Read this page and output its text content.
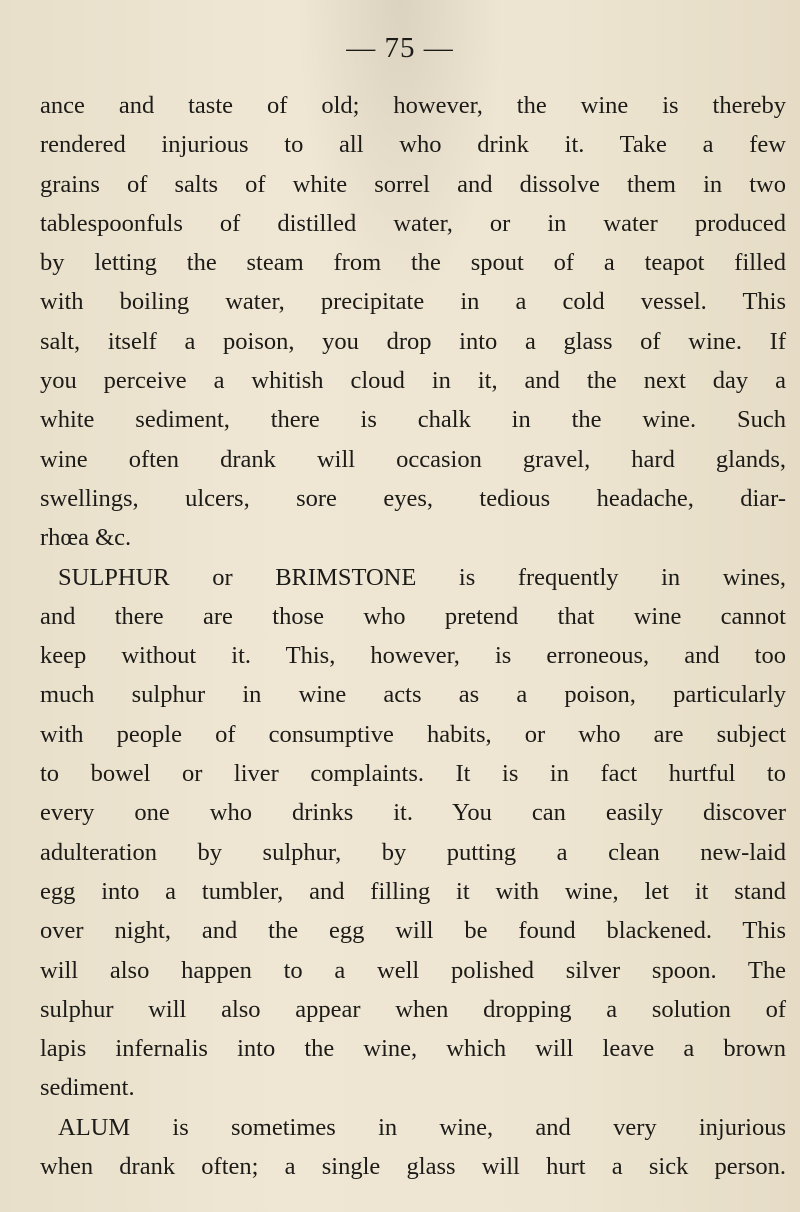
— 75 —
ance and taste of old; however, the wine is thereby
rendered injurious to all who drink it. Take a few
grains of salts of white sorrel and dissolve them in two
tablespoonfuls of distilled water, or in water produced
by letting the steam from the spout of a teapot filled
with boiling water, precipitate in a cold vessel. This
salt, itself a poison, you drop into a glass of wine. If
you perceive a whitish cloud in it, and the next day a
white sediment, there is chalk in the wine. Such
wine often drank will occasion gravel, hard glands,
swellings, ulcers, sore eyes, tedious headache, diar-
rhœa &c.
SULPHUR or BRIMSTONE is frequently in wines,
and there are those who pretend that wine cannot
keep without it. This, however, is erroneous, and too
much sulphur in wine acts as a poison, particularly
with people of consumptive habits, or who are subject
to bowel or liver complaints. It is in fact hurtful to
every one who drinks it. You can easily discover
adulteration by sulphur, by putting a clean new-laid
egg into a tumbler, and filling it with wine, let it stand
over night, and the egg will be found blackened. This
will also happen to a well polished silver spoon. The
sulphur will also appear when dropping a solution of
lapis infernalis into the wine, which will leave a brown
sediment.
ALUM is sometimes in wine, and very injurious
when drank often; a single glass will hurt a sick person.
